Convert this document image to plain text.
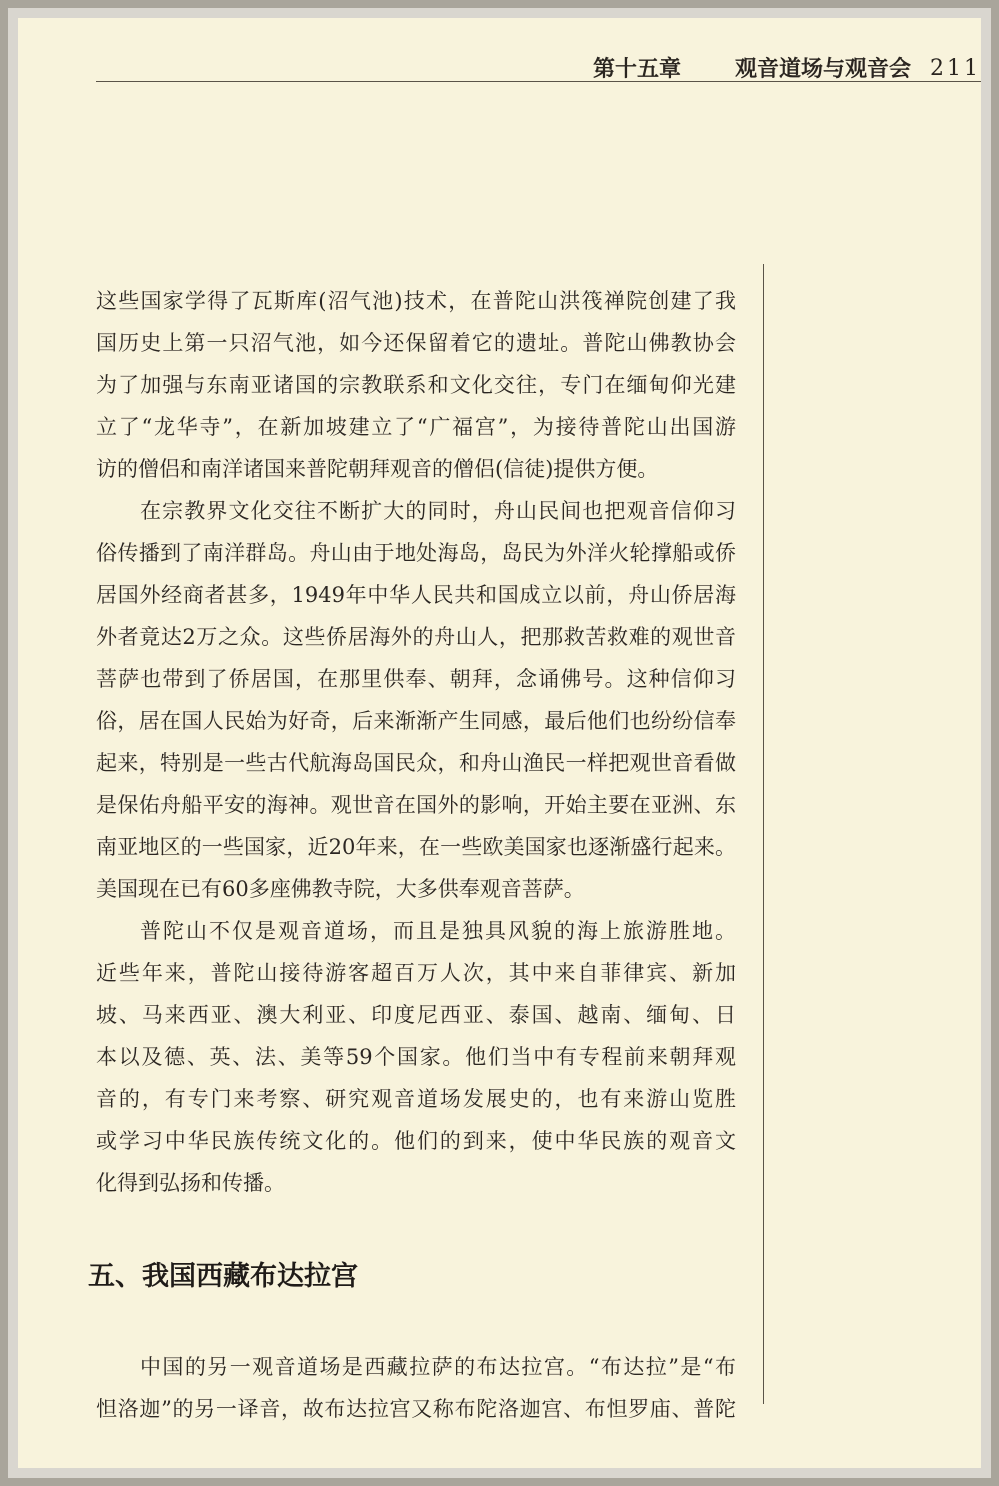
第十五章 观音道场与观音会 211
这些国家学得了瓦斯库(沼气池)技术，在普陀山洪筏禅院创建了我
国历史上第一只沼气池，如今还保留着它的遗址。普陀山佛教协会
为了加强与东南亚诸国的宗教联系和文化交往，专门在缅甸仰光建
立了“龙华寺”，在新加坡建立了“广福宫”，为接待普陀山出国游
访的僧侣和南洋诸国来普陀朝拜观音的僧侣(信徒)提供方便。
在宗教界文化交往不断扩大的同时，舟山民间也把观音信仰习
俗传播到了南洋群岛。舟山由于地处海岛，岛民为外洋火轮撑船或侨
居国外经商者甚多，1949年中华人民共和国成立以前，舟山侨居海
外者竟达2万之众。这些侨居海外的舟山人，把那救苦救难的观世音
菩萨也带到了侨居国，在那里供奉、朝拜，念诵佛号。这种信仰习
俗，居在国人民始为好奇，后来渐渐产生同感，最后他们也纷纷信奉
起来，特别是一些古代航海岛国民众，和舟山渔民一样把观世音看做
是保佑舟船平安的海神。观世音在国外的影响，开始主要在亚洲、东
南亚地区的一些国家，近20年来，在一些欧美国家也逐渐盛行起来。
美国现在已有60多座佛教寺院，大多供奉观音菩萨。
普陀山不仅是观音道场，而且是独具风貌的海上旅游胜地。
近些年来，普陀山接待游客超百万人次，其中来自菲律宾、新加
坡、马来西亚、澳大利亚、印度尼西亚、泰国、越南、缅甸、日
本以及德、英、法、美等59个国家。他们当中有专程前来朝拜观
音的，有专门来考察、研究观音道场发展史的，也有来游山览胜
或学习中华民族传统文化的。他们的到来，使中华民族的观音文
化得到弘扬和传播。
五、我国西藏布达拉宫
中国的另一观音道场是西藏拉萨的布达拉宫。“布达拉”是“布
怛洛迦”的另一译音，故布达拉宫又称布陀洛迦宫、布怛罗庙、普陀
